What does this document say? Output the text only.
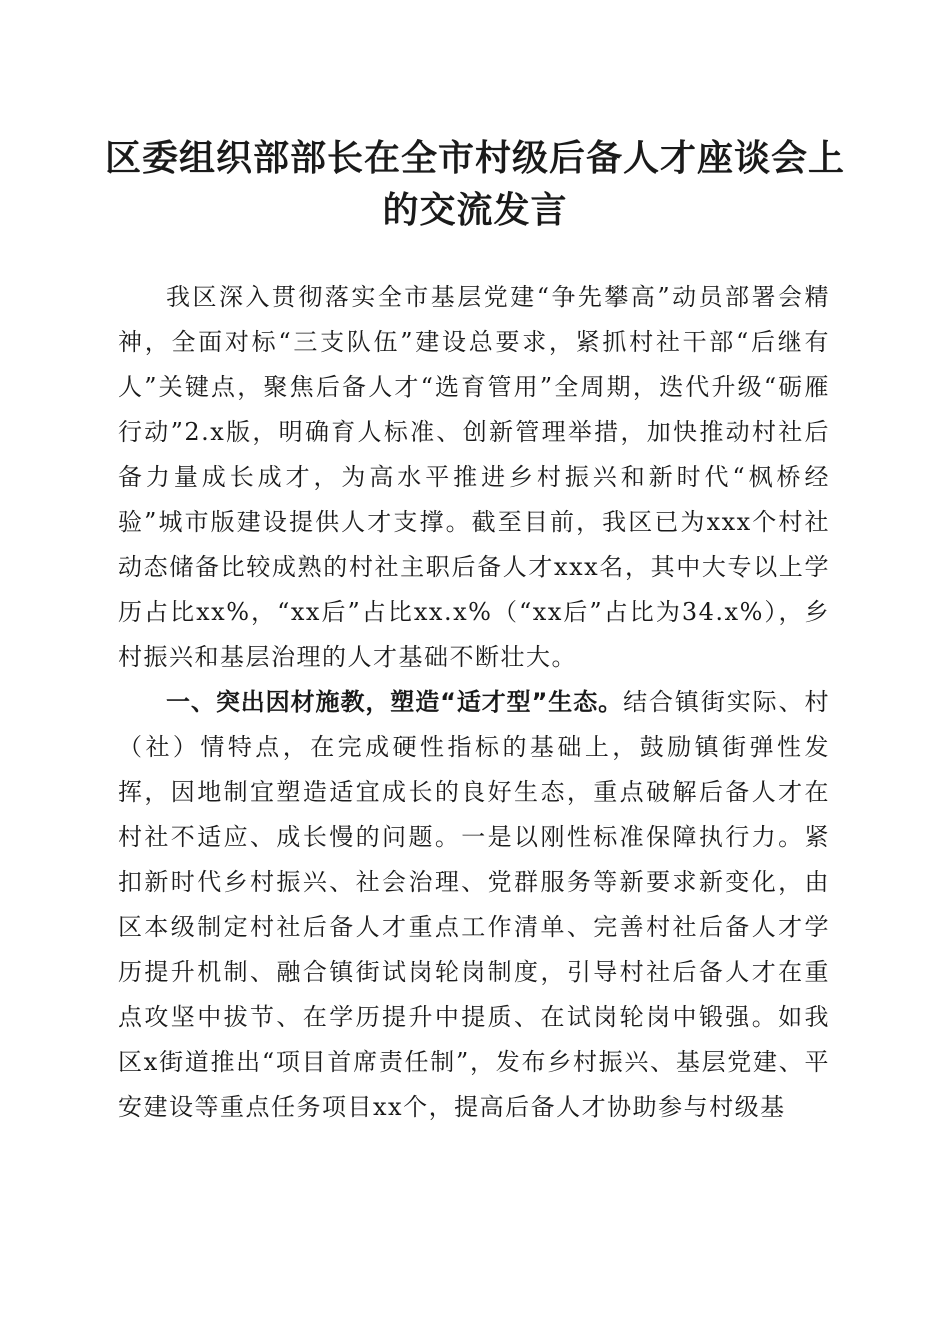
区委组织部部长在全市村级后备人才座谈会上
的交流发言

我区深入贯彻落实全市基层党建“争先攀高”动员部署会精神，全面对标“三支队伍”建设总要求，紧抓村社干部“后继有人”关键点，聚焦后备人才“选育管用”全周期，迭代升级“砺雁行动”2.x版，明确育人标准、创新管理举措，加快推动村社后备力量成长成才，为高水平推进乡村振兴和新时代“枫桥经验”城市版建设提供人才支撑。截至目前，我区已为xxx个村社动态储备比较成熟的村社主职后备人才xxx名，其中大专以上学历占比xx%，“xx后”占比xx.x%（“xx后”占比为34.x%），乡村振兴和基层治理的人才基础不断壮大。

一、突出因材施教，塑造“适才型”生态。结合镇街实际、村（社）情特点，在完成硬性指标的基础上，鼓励镇街弹性发挥，因地制宜塑造适宜成长的良好生态，重点破解后备人才在村社不适应、成长慢的问题。一是以刚性标准保障执行力。紧扣新时代乡村振兴、社会治理、党群服务等新要求新变化，由区本级制定村社后备人才重点工作清单、完善村社后备人才学历提升机制、融合镇街试岗轮岗制度，引导村社后备人才在重点攻坚中拔节、在学历提升中提质、在试岗轮岗中锻强。如我区x街道推出“项目首席责任制”，发布乡村振兴、基层党建、平安建设等重点任务项目xx个，提高后备人才协助参与村级基
